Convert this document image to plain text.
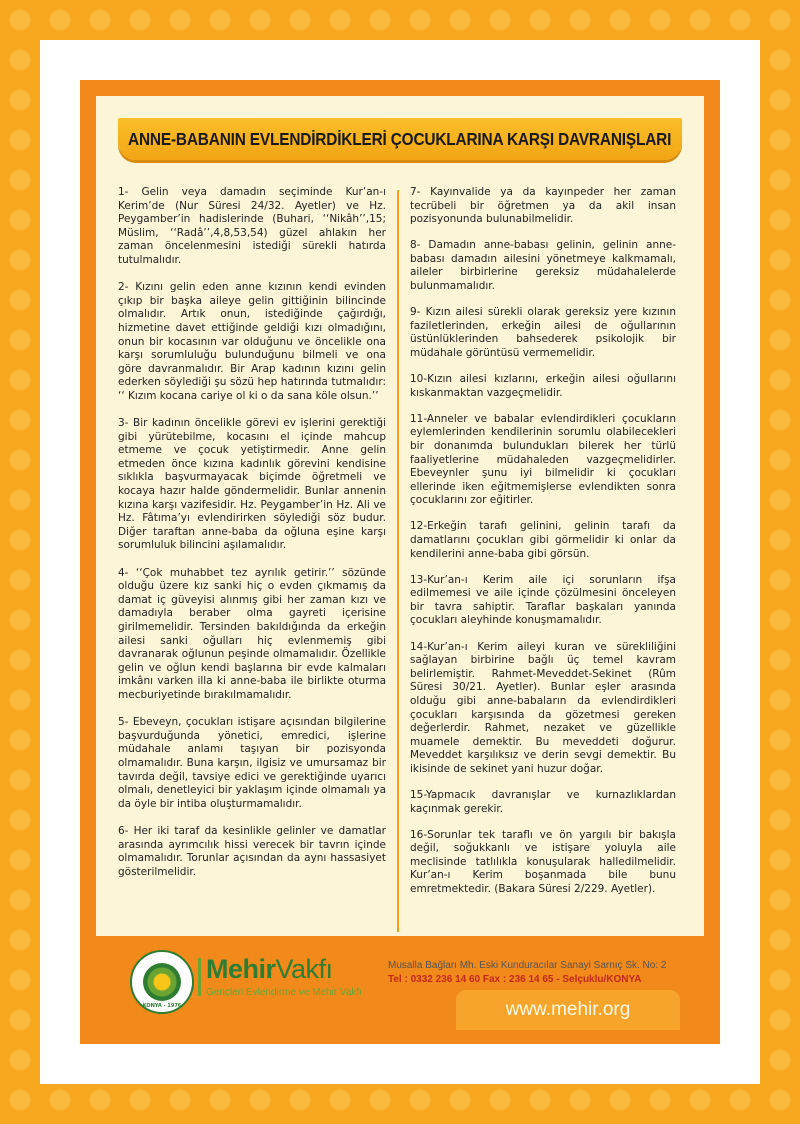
ANNE-BABANIN EVLENDİRDİKLERİ ÇOCUKLARINA KARŞI DAVRANIŞLARI

1- Gelin veya damadın seçiminde Kur’an-ı Kerim’de (Nur Süresi 24/32. Ayetler) ve Hz. Peygamber’in hadislerinde (Buhari, ‘‘Nikâh’’,15; Müslim, ‘‘Radâ’’,4,8,53,54) güzel ahlakın her zaman öncelenmesini istediği sürekli hatırda tutulmalıdır.

2- Kızını gelin eden anne kızının kendi evinden çıkıp bir başka aileye gelin gittiğinin bilincinde olmalıdır. Artık onun, istediğinde çağırdığı, hizmetine davet ettiğinde geldiği kızı olmadığını, onun bir kocasının var olduğunu ve öncelikle ona karşı sorumluluğu bulunduğunu bilmeli ve ona göre davranmalıdır. Bir Arap kadının kızını gelin ederken söylediği şu sözü hep hatırında tutmalıdır: ‘‘ Kızım kocana cariye ol ki o da sana köle olsun.’’

3- Bir kadının öncelikle görevi ev işlerini gerektiği gibi yürütebilme, kocasını el içinde mahcup etmeme ve çocuk yetiştirmedir. Anne gelin etmeden önce kızına kadınlık görevini kendisine sıklıkla başvurmayacak biçimde öğretmeli ve kocaya hazır halde göndermelidir. Bunlar annenin kızına karşı vazifesidir. Hz. Peygamber’in Hz. Ali ve Hz. Fâtıma’yı evlendirirken söylediği söz budur. Diğer taraftan anne-baba da oğluna eşine karşı sorumluluk bilincini aşılamalıdır.

4- ‘‘Çok muhabbet tez ayrılık getirir.’’ sözünde olduğu üzere kız sanki hiç o evden çıkmamış da damat iç güveyisi alınmış gibi her zaman kızı ve damadıyla beraber olma gayreti içerisine girilmemelidir. Tersinden bakıldığında da erkeğin ailesi sanki oğulları hiç evlenmemiş gibi davranarak oğlunun peşinde olmamalıdır. Özellikle gelin ve oğlun kendi başlarına bir evde kalmaları imkânı varken illa ki anne-baba ile birlikte oturma mecburiyetinde bırakılmamalıdır.

5- Ebeveyn, çocukları istişare açısından bilgilerine başvurduğunda yönetici, emredici, işlerine müdahale anlamı taşıyan bir pozisyonda olmamalıdır. Buna karşın, ilgisiz ve umursamaz bir tavırda değil, tavsiye edici ve gerektiğinde uyarıcı olmalı, denetleyici bir yaklaşım içinde olmamalı ya da öyle bir intiba oluşturmamalıdır.

6- Her iki taraf da kesinlikle gelinler ve damatlar arasında ayrımcılık hissi verecek bir tavrın içinde olmamalıdır. Torunlar açısından da aynı hassasiyet gösterilmelidir.

7- Kayınvalide ya da kayınpeder her zaman tecrübeli bir öğretmen ya da akil insan pozisyonunda bulunabilmelidir.

8- Damadın anne-babası gelinin, gelinin anne-babası damadın ailesini yönetmeye kalkmamalı, aileler birbirlerine gereksiz müdahalelerde bulunmamalıdır.

9- Kızın ailesi sürekli olarak gereksiz yere kızının faziletlerinden, erkeğin ailesi de oğullarının üstünlüklerinden bahsederek psikolojik bir müdahale görüntüsü vermemelidir.

10-Kızın ailesi kızlarını, erkeğin ailesi oğullarını kıskanmaktan vazgeçmelidir.

11-Anneler ve babalar evlendirdikleri çocukların eylemlerinden kendilerinin sorumlu olabilecekleri bir donanımda bulundukları bilerek her türlü faaliyetlerine müdahaleden vazgeçmelidirler. Ebeveynler şunu iyi bilmelidir ki çocukları ellerinde iken eğitmemişlerse evlendikten sonra çocuklarını zor eğitirler.

12-Erkeğin tarafı gelinini, gelinin tarafı da damatlarını çocukları gibi görmelidir ki onlar da kendilerini anne-baba gibi görsün.

13-Kur’an-ı Kerim aile içi sorunların ifşa edilmemesi ve aile içinde çözülmesini önceleyen bir tavra sahiptir. Taraflar başkaları yanında çocukları aleyhinde konuşmamalıdır.

14-Kur’an-ı Kerim aileyi kuran ve sürekliliğini sağlayan birbirine bağlı üç temel kavram belirlemiştir. Rahmet-Meveddet-Sekinet (Rûm Süresi 30/21. Ayetler). Bunlar eşler arasında olduğu gibi anne-babaların da evlendirdikleri çocukları karşısında da gözetmesi gereken değerlerdir. Rahmet, nezaket ve güzellikle muamele demektir. Bu meveddeti doğurur. Meveddet karşılıksız ve derin sevgi demektir. Bu ikisinde de sekinet yani huzur doğar.

15-Yapmacık davranışlar ve kurnazlıklardan kaçınmak gerekir.

16-Sorunlar tek taraflı ve ön yargılı bir bakışla değil, soğukkanlı ve istişare yoluyla aile meclisinde tatlılıkla konuşularak halledilmelidir. Kur’an-ı Kerim boşanmada bile bunu emretmektedir. (Bakara Süresi 2/229. Ayetler).

KONYA - 1976
MehirVakfı
Gençleri Evlendirme ve Mehir Vakfı
Musalla Bağları Mh. Eski Kunduracılar Sanayi Sarnıç Sk. No: 2
Tel : 0332 236 14 60 Fax : 236 14 65 - Selçuklu/KONYA
www.mehir.org
